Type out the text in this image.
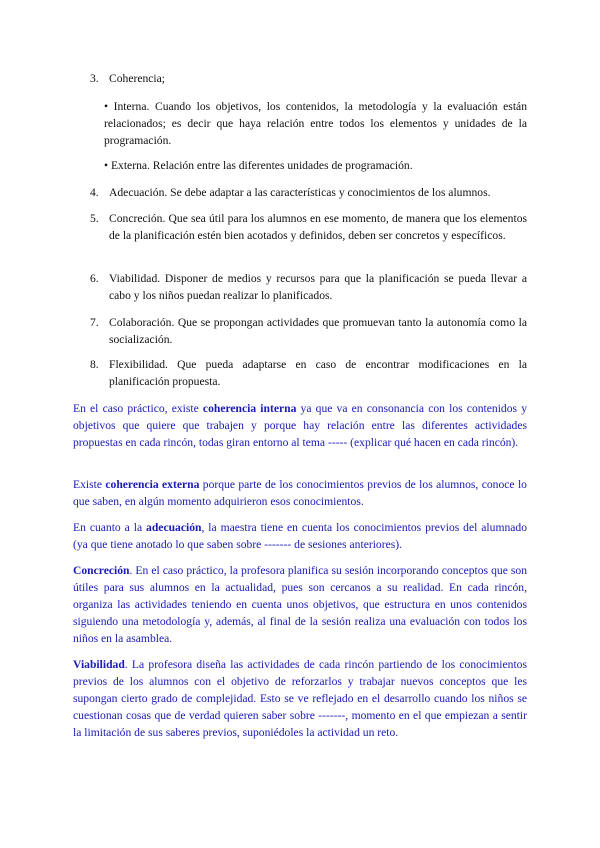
3. Coherencia;
• Interna. Cuando los objetivos, los contenidos, la metodología y la evaluación están relacionados; es decir que haya relación entre todos los elementos y unidades de la programación.
• Externa. Relación entre las diferentes unidades de programación.
4. Adecuación. Se debe adaptar a las características y conocimientos de los alumnos.
5. Concreción. Que sea útil para los alumnos en ese momento, de manera que los elementos de la planificación estén bien acotados y definidos, deben ser concretos y específicos.
6. Viabilidad. Disponer de medios y recursos para que la planificación se pueda llevar a cabo y los niños puedan realizar lo planificados.
7. Colaboración. Que se propongan actividades que promuevan tanto la autonomía como la socialización.
8. Flexibilidad. Que pueda adaptarse en caso de encontrar modificaciones en la planificación propuesta.
En el caso práctico, existe coherencia interna ya que va en consonancia con los contenidos y objetivos que quiere que trabajen y porque hay relación entre las diferentes actividades propuestas en cada rincón, todas giran entorno al tema ----- (explicar qué hacen en cada rincón).
Existe coherencia externa porque parte de los conocimientos previos de los alumnos, conoce lo que saben, en algún momento adquirieron esos conocimientos.
En cuanto a la adecuación, la maestra tiene en cuenta los conocimientos previos del alumnado (ya que tiene anotado lo que saben sobre ------- de sesiones anteriores).
Concreción. En el caso práctico, la profesora planifica su sesión incorporando conceptos que son útiles para sus alumnos en la actualidad, pues son cercanos a su realidad. En cada rincón, organiza las actividades teniendo en cuenta unos objetivos, que estructura en unos contenidos siguiendo una metodología y, además, al final de la sesión realiza una evaluación con todos los niños en la asamblea.
Viabilidad. La profesora diseña las actividades de cada rincón partiendo de los conocimientos previos de los alumnos con el objetivo de reforzarlos y trabajar nuevos conceptos que les supongan cierto grado de complejidad. Esto se ve reflejado en el desarrollo cuando los niños se cuestionan cosas que de verdad quieren saber sobre -------, momento en el que empiezan a sentir la limitación de sus saberes previos, suponiédoles la actividad un reto.
